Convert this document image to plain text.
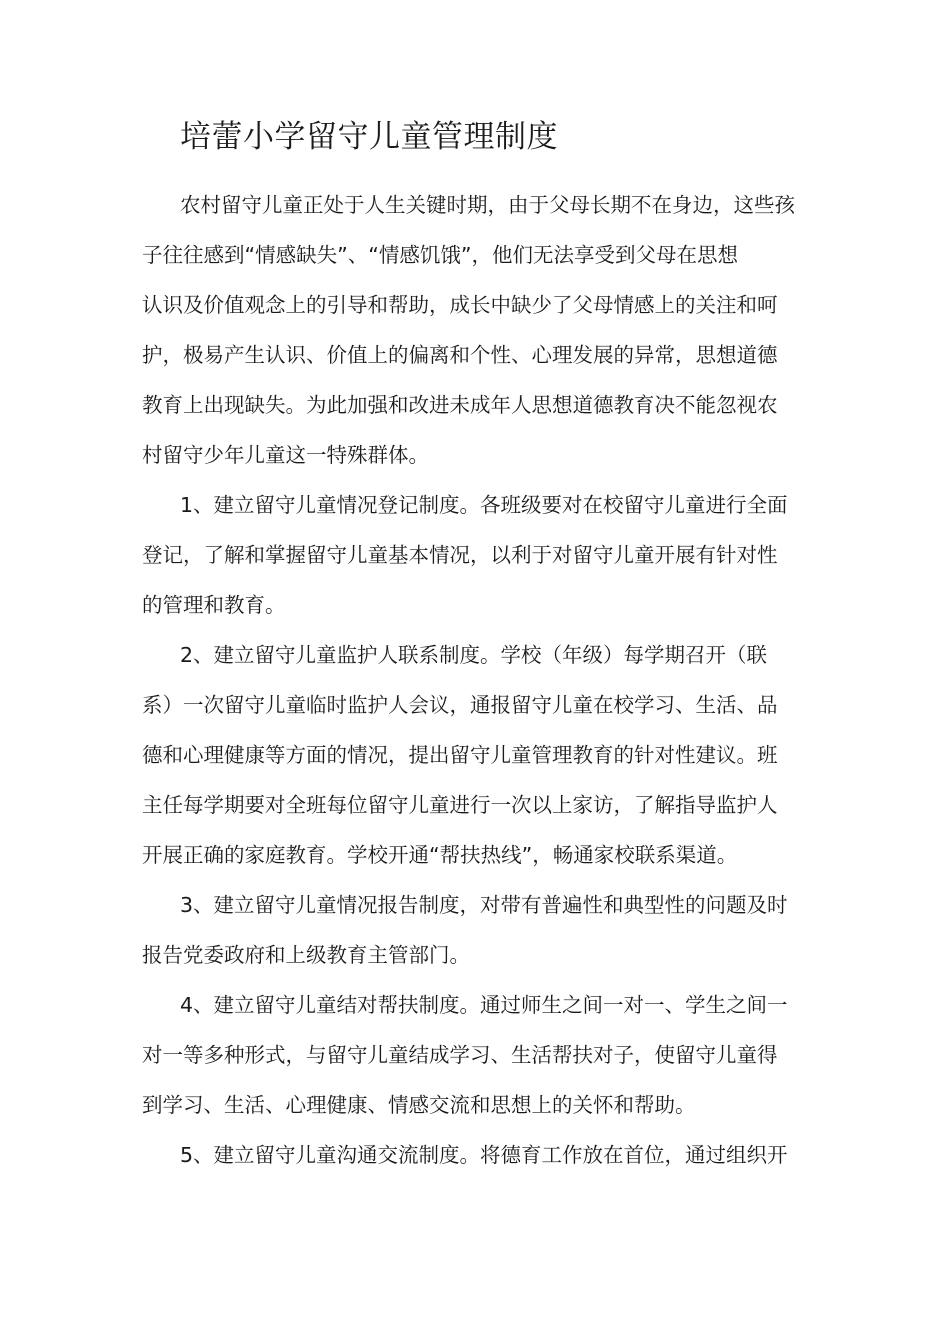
培蕾小学留守儿童管理制度

农村留守儿童正处于人生关键时期，由于父母长期不在身边，这些孩

子往往感到“情感缺失”、“情感饥饿”，他们无法享受到父母在思想

认识及价值观念上的引导和帮助，成长中缺少了父母情感上的关注和呵

护，极易产生认识、价值上的偏离和个性、心理发展的异常，思想道德

教育上出现缺失。为此加强和改进未成年人思想道德教育决不能忽视农

村留守少年儿童这一特殊群体。

1、建立留守儿童情况登记制度。各班级要对在校留守儿童进行全面

登记，了解和掌握留守儿童基本情况，以利于对留守儿童开展有针对性

的管理和教育。

2、建立留守儿童监护人联系制度。学校（年级）每学期召开（联

系）一次留守儿童临时监护人会议，通报留守儿童在校学习、生活、品

德和心理健康等方面的情况，提出留守儿童管理教育的针对性建议。班

主任每学期要对全班每位留守儿童进行一次以上家访，了解指导监护人

开展正确的家庭教育。学校开通“帮扶热线”，畅通家校联系渠道。

3、建立留守儿童情况报告制度，对带有普遍性和典型性的问题及时

报告党委政府和上级教育主管部门。

4、建立留守儿童结对帮扶制度。通过师生之间一对一、学生之间一

对一等多种形式，与留守儿童结成学习、生活帮扶对子，使留守儿童得

到学习、生活、心理健康、情感交流和思想上的关怀和帮助。

5、建立留守儿童沟通交流制度。将德育工作放在首位，通过组织开
